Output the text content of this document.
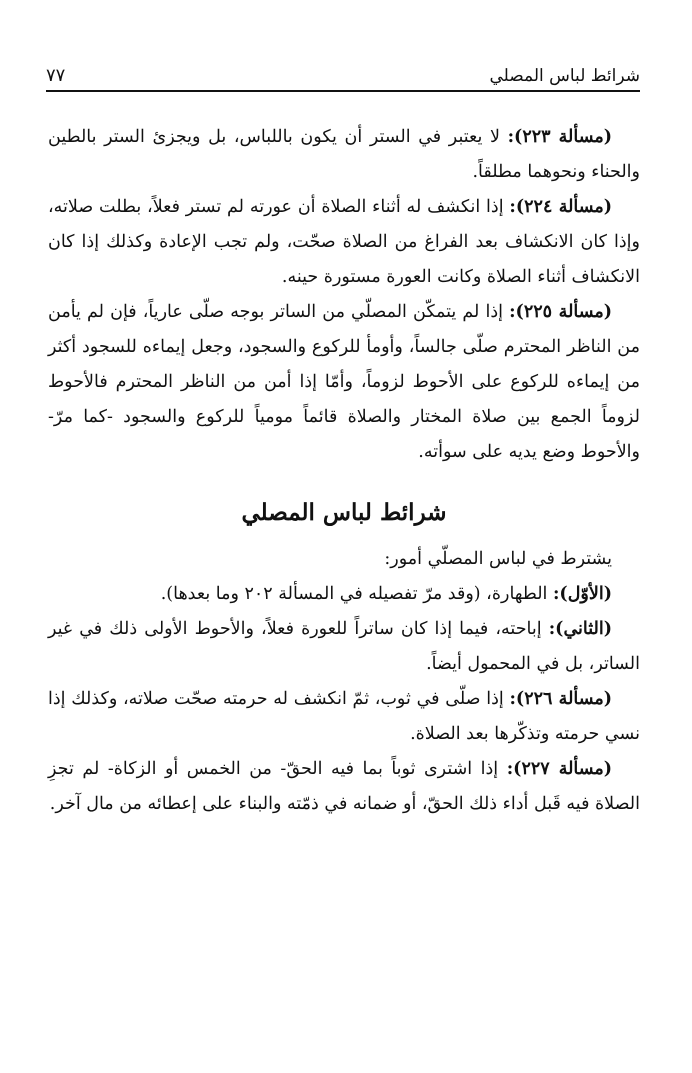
٧٧	شرائط لباس المصلي

(مسألة ٢٢٣): لا يعتبر في الستر أن يكون باللباس، بل ويجزئ الستر بالطين والحناء ونحوهما مطلقاً.

(مسألة ٢٢٤): إذا انكشف له أثناء الصلاة أن عورته لم تستر فعلاً، بطلت صلاته، وإذا كان الانكشاف بعد الفراغ من الصلاة صحّت، ولم تجب الإعادة وكذلك إذا كان الانكشاف أثناء الصلاة وكانت العورة مستورة حينه.

(مسألة ٢٢٥): إذا لم يتمكّن المصلّي من الساتر بوجه صلّى عارياً، فإن لم يأمن من الناظر المحترم صلّى جالساً، وأومأ للركوع والسجود، وجعل إيماءه للسجود أكثر من إيماءه للركوع على الأحوط لزوماً، وأمّا إذا أمن من الناظر المحترم فالأحوط لزوماً الجمع بين صلاة المختار والصلاة قائماً مومياً للركوع والسجود -كما مرّ- والأحوط وضع يديه على سوأته.

شرائط لباس المصلي

يشترط في لباس المصلّي أمور:

(الأوّل): الطهارة، (وقد مرّ تفصيله في المسألة ٢٠٢ وما بعدها).

(الثاني): إباحته، فيما إذا كان ساتراً للعورة فعلاً، والأحوط الأولى ذلك في غير الساتر، بل في المحمول أيضاً.

(مسألة ٢٢٦): إذا صلّى في ثوب، ثمّ انكشف له حرمته صحّت صلاته، وكذلك إذا نسي حرمته وتذكّرها بعد الصلاة.

(مسألة ٢٢٧): إذا اشترى ثوباً بما فيه الحقّ- من الخمس أو الزكاة- لم تجزِ الصلاة فيه قَبل أداء ذلك الحقّ، أو ضمانه في ذمّته والبناء على إعطائه من مال آخر.
